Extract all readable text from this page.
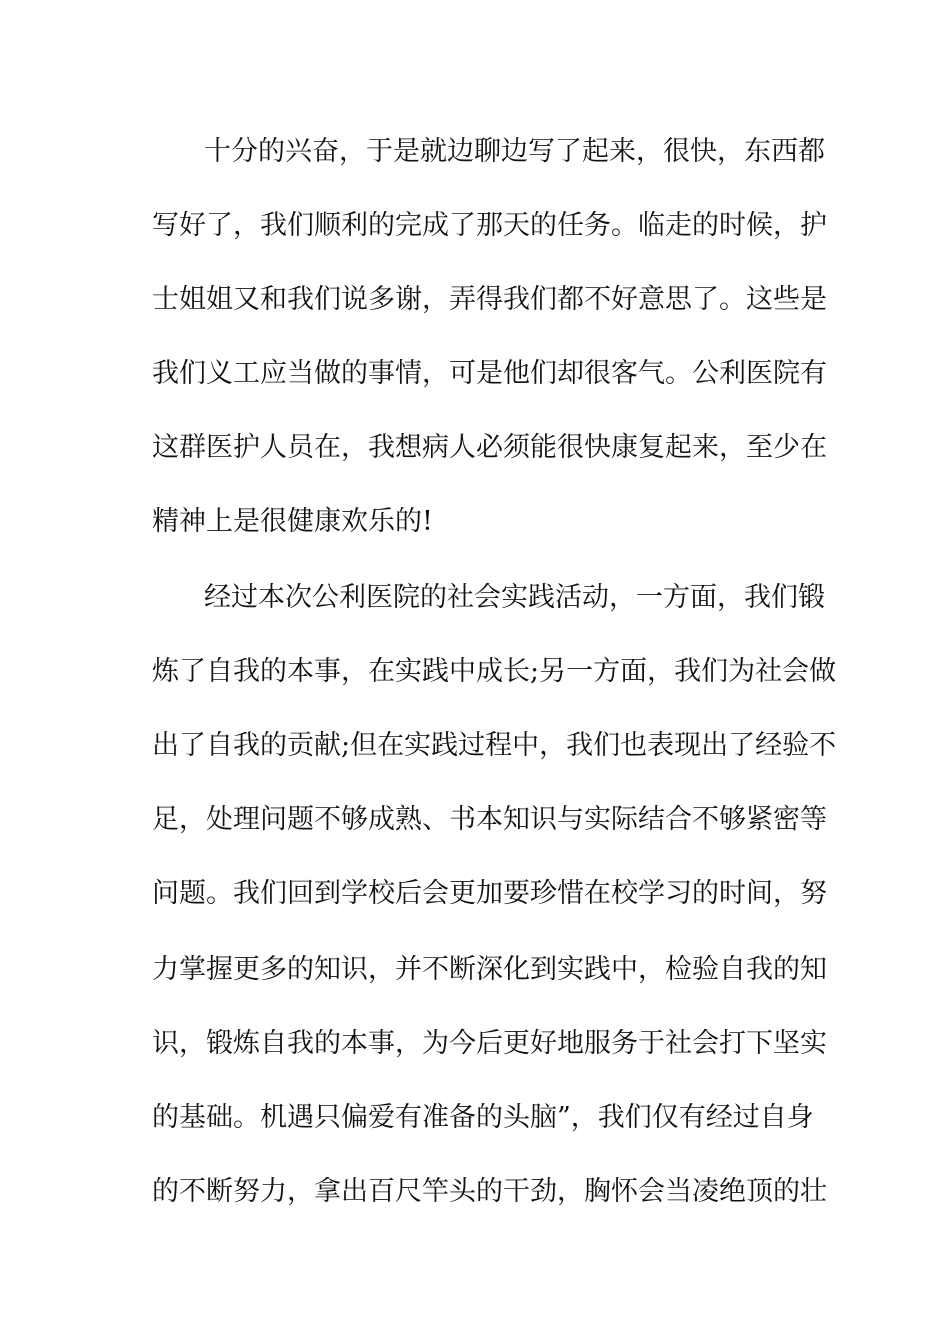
十分的兴奋，于是就边聊边写了起来，很快，东西都
写好了，我们顺利的完成了那天的任务。临走的时候，护
士姐姐又和我们说多谢，弄得我们都不好意思了。这些是
我们义工应当做的事情，可是他们却很客气。公利医院有
这群医护人员在，我想病人必须能很快康复起来，至少在
精神上是很健康欢乐的!
经过本次公利医院的社会实践活动，一方面，我们锻
炼了自我的本事，在实践中成长;另一方面，我们为社会做
出了自我的贡献;但在实践过程中，我们也表现出了经验不
足，处理问题不够成熟、书本知识与实际结合不够紧密等
问题。我们回到学校后会更加要珍惜在校学习的时间，努
力掌握更多的知识，并不断深化到实践中，检验自我的知
识，锻炼自我的本事，为今后更好地服务于社会打下坚实
的基础。机遇只偏爱有准备的头脑”，我们仅有经过自身
的不断努力，拿出百尺竿头的干劲，胸怀会当凌绝顶的壮
